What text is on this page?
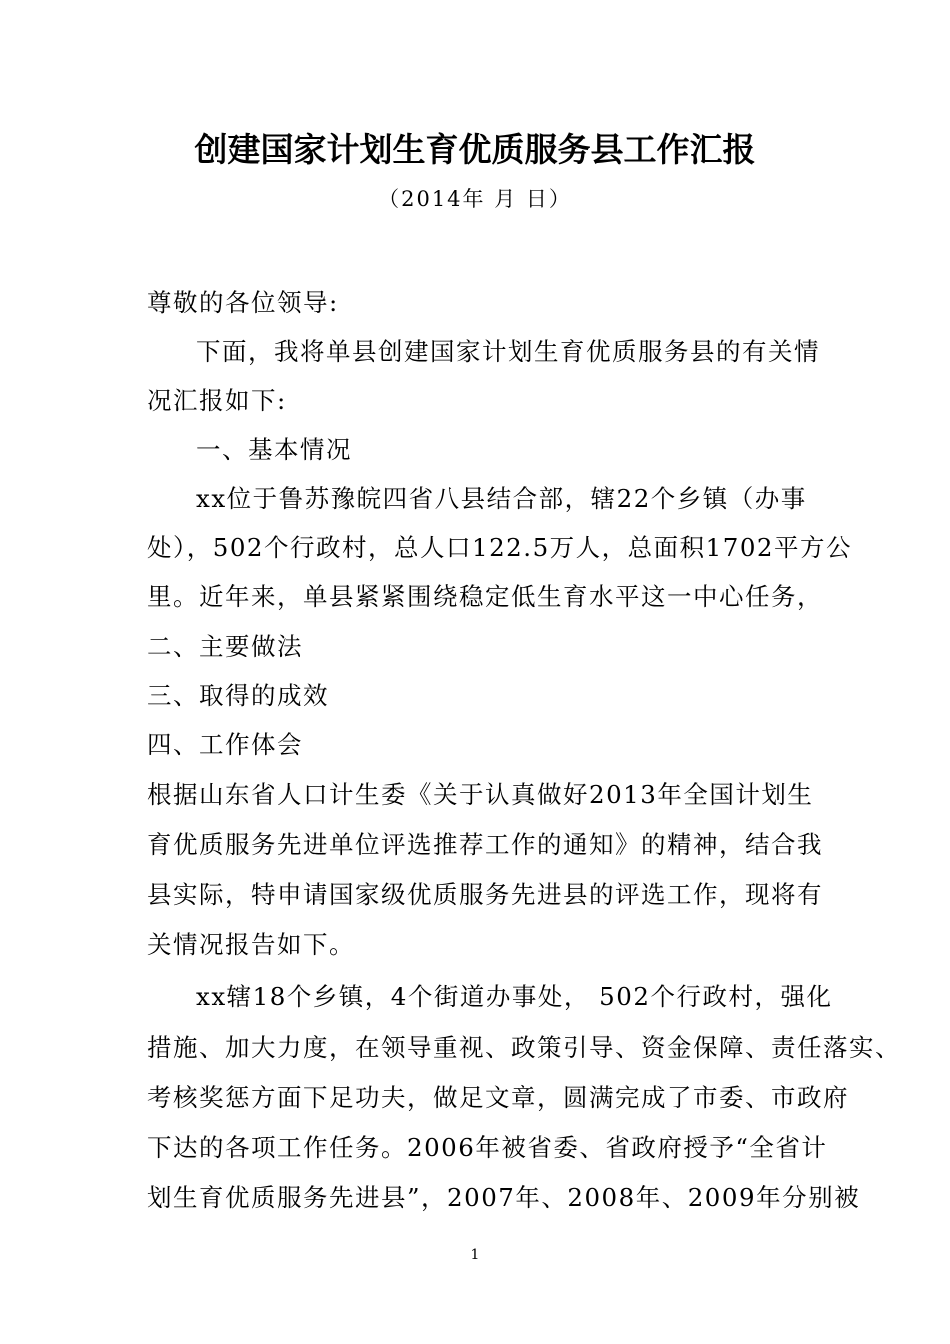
创建国家计划生育优质服务县工作汇报
（2014年 月 日）
尊敬的各位领导:
下面，我将单县创建国家计划生育优质服务县的有关情
况汇报如下:
一、基本情况
xx位于鲁苏豫皖四省八县结合部，辖22个乡镇（办事
处），502个行政村，总人口122.5万人，总面积1702平方公
里。近年来，单县紧紧围绕稳定低生育水平这一中心任务，
二、主要做法
三、取得的成效
四、工作体会
根据山东省人口计生委《关于认真做好2013年全国计划生
育优质服务先进单位评选推荐工作的通知》的精神，结合我
县实际，特申请国家级优质服务先进县的评选工作，现将有
关情况报告如下。
xx辖18个乡镇，4个街道办事处， 502个行政村，强化
措施、加大力度，在领导重视、政策引导、资金保障、责任落实、
考核奖惩方面下足功夫，做足文章，圆满完成了市委、市政府
下达的各项工作任务。2006年被省委、省政府授予“全省计
划生育优质服务先进县”，2007年、2008年、2009年分别被
1
